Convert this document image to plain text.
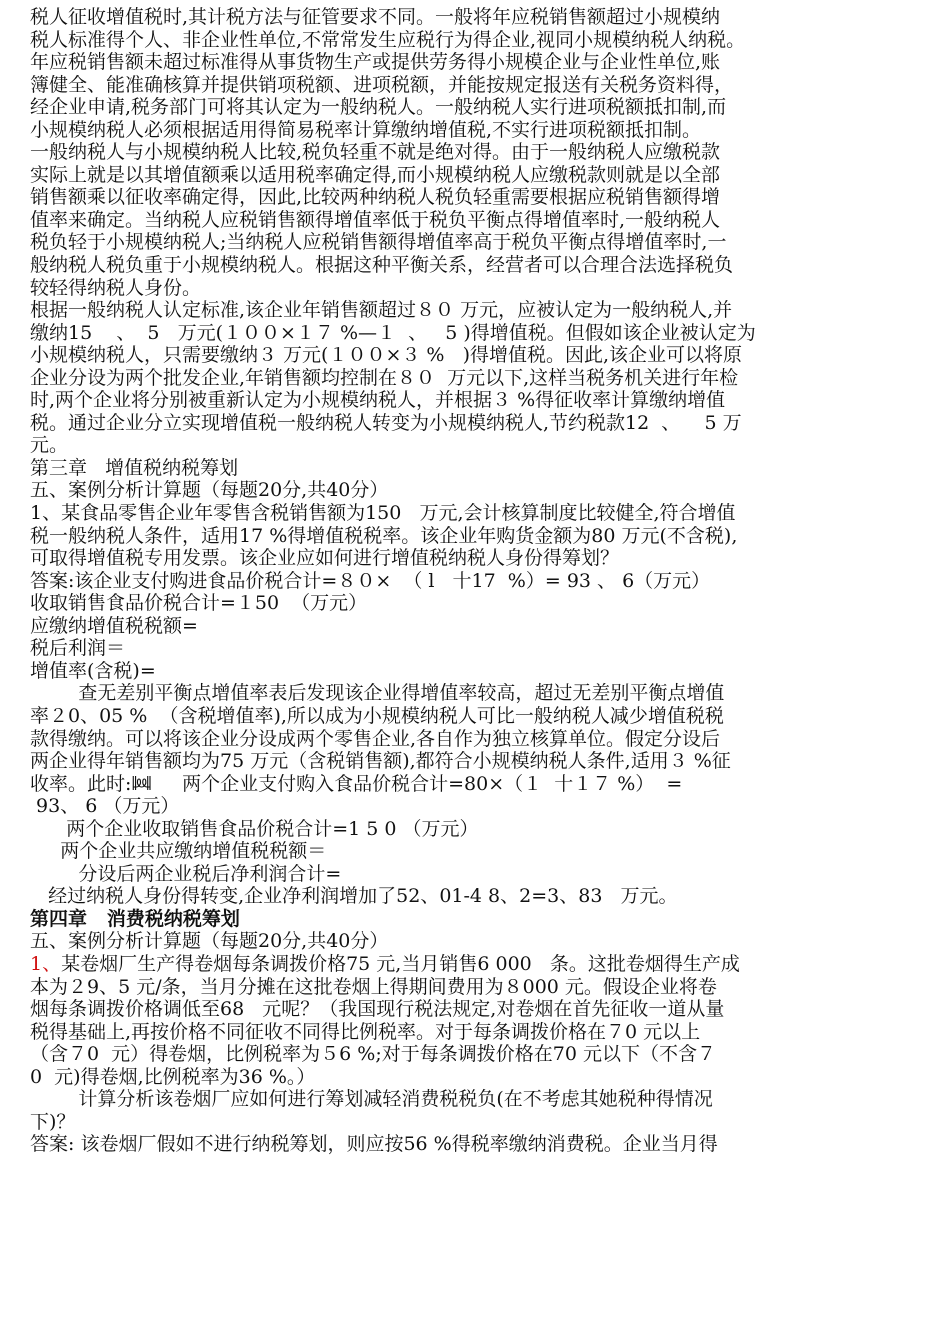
税人征收增值税时,其计税方法与征管要求不同。一般将年应税销售额超过小规模纳
税人标准得个人、非企业性单位,不常常发生应税行为得企业,视同小规模纳税人纳税。
年应税销售额未超过标准得从事货物生产或提供劳务得小规模企业与企业性单位,账
簿健全、能准确核算并提供销项税额、进项税额，并能按规定报送有关税务资料得，
经企业申请,税务部门可将其认定为一般纳税人。一般纳税人实行进项税额抵扣制,而
小规模纳税人必须根据适用得简易税率计算缴纳增值税,不实行进项税额抵扣制。
一般纳税人与小规模纳税人比较,税负轻重不就是绝对得。由于一般纳税人应缴税款
实际上就是以其增值额乘以适用税率确定得,而小规模纳税人应缴税款则就是以全部
销售额乘以征收率确定得，因此,比较两种纳税人税负轻重需要根据应税销售额得增
值率来确定。当纳税人应税销售额得增值率低于税负平衡点得增值率时,一般纳税人
税负轻于小规模纳税人;当纳税人应税销售额得增值率高于税负平衡点得增值率时,一
般纳税人税负重于小规模纳税人。根据这种平衡关系，经营者可以合理合法选择税负
较轻得纳税人身份。
根据一般纳税人认定标准,该企业年销售额超过８０ 万元，应被认定为一般纳税人,并
缴纳15    、  5   万元(１００×１７ %—１  、   5 )得增值税。但假如该企业被认定为
小规模纳税人，只需要缴纳３ 万元(１００×３ %   )得增值税。因此,该企业可以将原
企业分设为两个批发企业,年销售额均控制在８０  万元以下,这样当税务机关进行年检
时,两个企业将分别被重新认定为小规模纳税人，并根据３ %得征收率计算缴纳增值
税。通过企业分立实现增值税一般纳税人转变为小规模纳税人,节约税款12  、    5 万
元。
第三章   增值税纳税筹划
五、案例分析计算题（每题20分,共40分）
1、某食品零售企业年零售含税销售额为150   万元,会计核算制度比较健全,符合增值
税一般纳税人条件，适用17 %得增值税税率。该企业年购货金额为80 万元(不含税),
可取得增值税专用发票。该企业应如何进行增值税纳税人身份得筹划？
答案:该企业支付购进食品价税合计=８０×  （ l   十17  %）= 93 、 6（万元）
收取销售食品价税合计=１50  （万元）
应缴纳增值税税额=
税后利润＝
增值率(含税)=
查无差别平衡点增值率表后发现该企业得增值率较高，超过无差别平衡点增值
率２0、05 %  （含税增值率),所以成为小规模纳税人可比一般纳税人减少增值税税
款得缴纳。可以将该企业分设成两个零售企业,各自作为独立核算单位。假定分设后
两企业得年销售额均为75 万元（含税销售额),都符合小规模纳税人条件,适用３ %征
收率。此时:ꔞ     两个企业支付购入食品价税合计=80×（１  十１７ %）  =
93、 6 （万元）
两个企业收取销售食品价税合计=1 5 0 （万元）
两个企业共应缴纳增值税税额＝
分设后两企业税后净利润合计=
经过纳税人身份得转变,企业净利润增加了52、01-4 8、2=3、83   万元。
第四章   消费税纳税筹划
五、案例分析计算题（每题20分,共40分）
1、某卷烟厂生产得卷烟每条调拨价格75 元,当月销售6 000   条。这批卷烟得生产成
本为２9、5 元/条，当月分摊在这批卷烟上得期间费用为８000 元。假设企业将卷
烟每条调拨价格调低至68   元呢？（我国现行税法规定,对卷烟在首先征收一道从量
税得基础上,再按价格不同征收不同得比例税率。对于每条调拨价格在７0 元以上
（含７0  元）得卷烟，比例税率为５6 %;对于每条调拨价格在70 元以下（不含７
0  元)得卷烟,比例税率为36 %。）
计算分析该卷烟厂应如何进行筹划减轻消费税税负(在不考虑其她税种得情况
下)？
答案: 该卷烟厂假如不进行纳税筹划，则应按56 %得税率缴纳消费税。企业当月得
